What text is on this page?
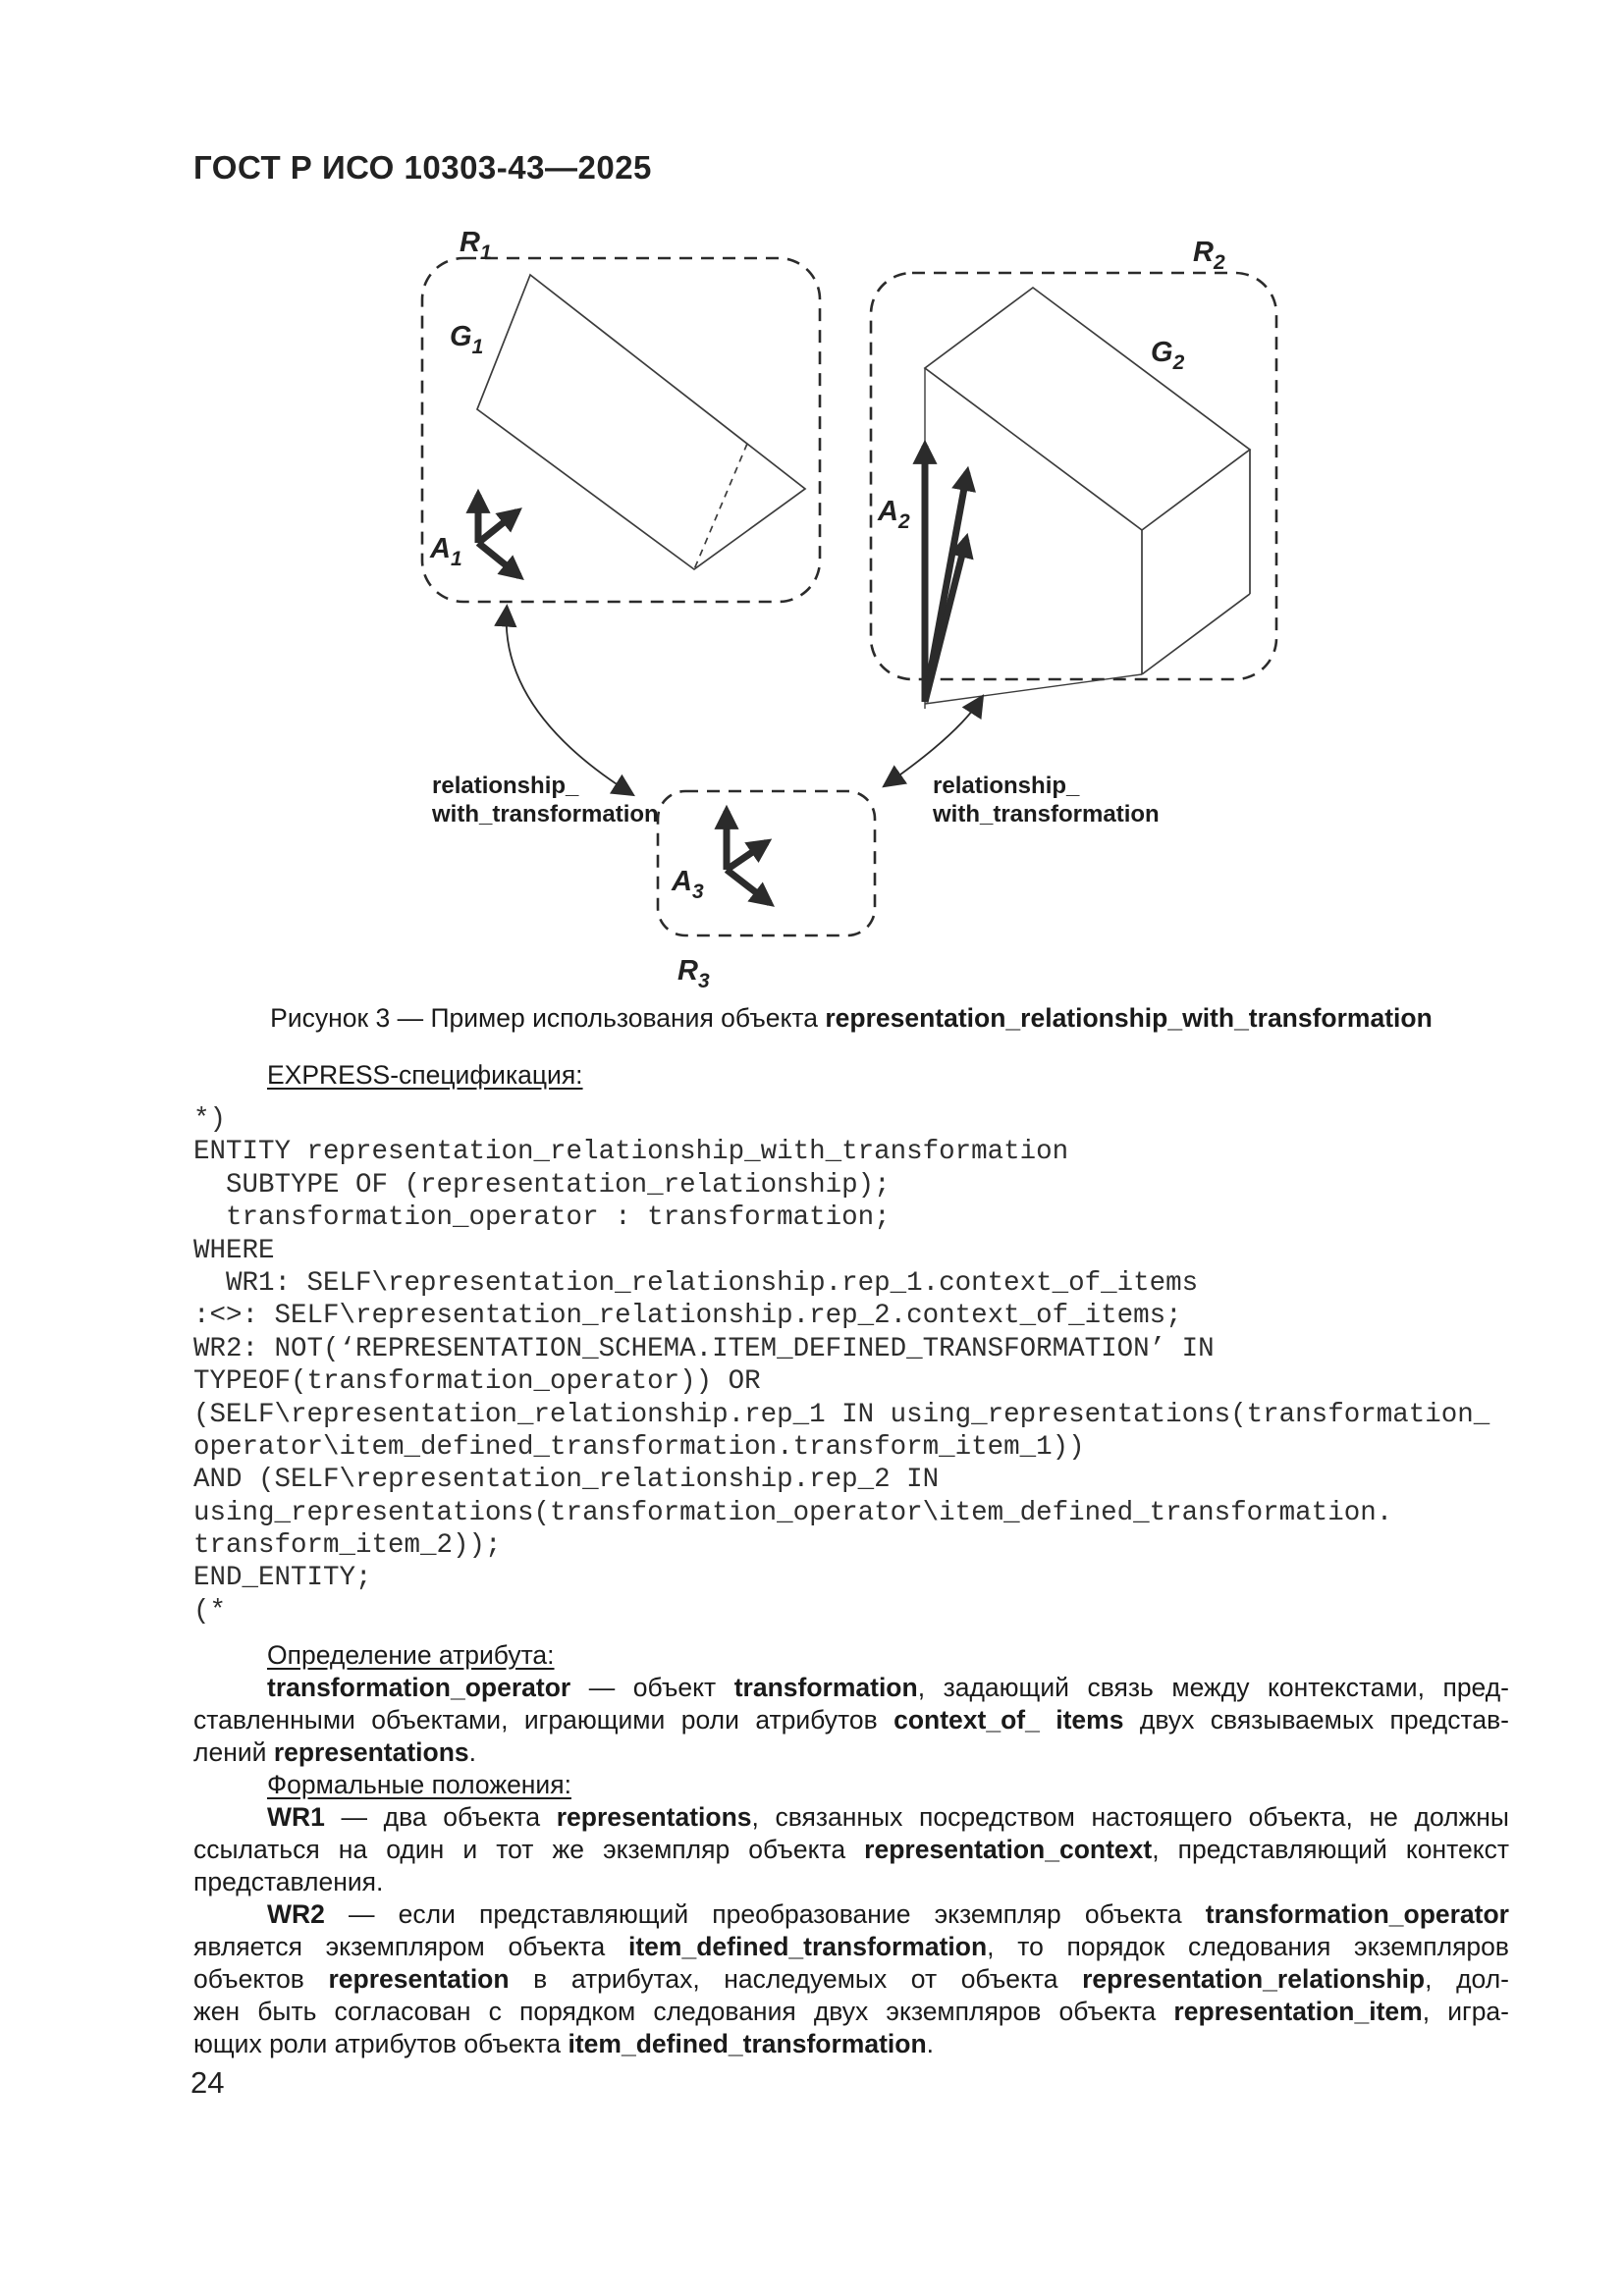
ГОСТ Р ИСО 10303-43—2025
$R_1$
$G_1$
$A_1$
$R_2$
$G_2$
$A_2$
$R_3$
$A_3$
relationship_
with_transformation
relationship_
with_transformation
Рисунок 3 — Пример использования объекта representation_relationship_with_transformation
EXPRESS-спецификация:
*)
ENTITY representation_relationship_with_transformation
SUBTYPE OF (representation_relationship);
transformation_operator : transformation;
WHERE
WR1: SELF\representation_relationship.rep_1.context_of_items
:<>: SELF\representation_relationship.rep_2.context_of_items;
WR2: NOT(‘REPRESENTATION_SCHEMA.ITEM_DEFINED_TRANSFORMATION’ IN
TYPEOF(transformation_operator)) OR
(SELF\representation_relationship.rep_1 IN using_representations(transformation_
operator\item_defined_transformation.transform_item_1))
AND (SELF\representation_relationship.rep_2 IN
using_representations(transformation_operator\item_defined_transformation.
transform_item_2));
END_ENTITY;
(*
Определение атрибута:
transformation_operator — объект transformation, задающий связь между контекстами, пред-
ставленными объектами, играющими роли атрибутов context_of_ items двух связываемых представ-
лений representations.
Формальные положения:
WR1 — два объекта representations, связанных посредством настоящего объекта, не должны
ссылаться на один и тот же экземпляр объекта representation_context, представляющий контекст
представления.
WR2 — если представляющий преобразование экземпляр объекта transformation_operator
является экземпляром объекта item_defined_transformation, то порядок следования экземпляров
объектов representation в атрибутах, наследуемых от объекта representation_relationship, дол-
жен быть согласован с порядком следования двух экземпляров объекта representation_item, игра-
ющих роли атрибутов объекта item_defined_transformation.
24
